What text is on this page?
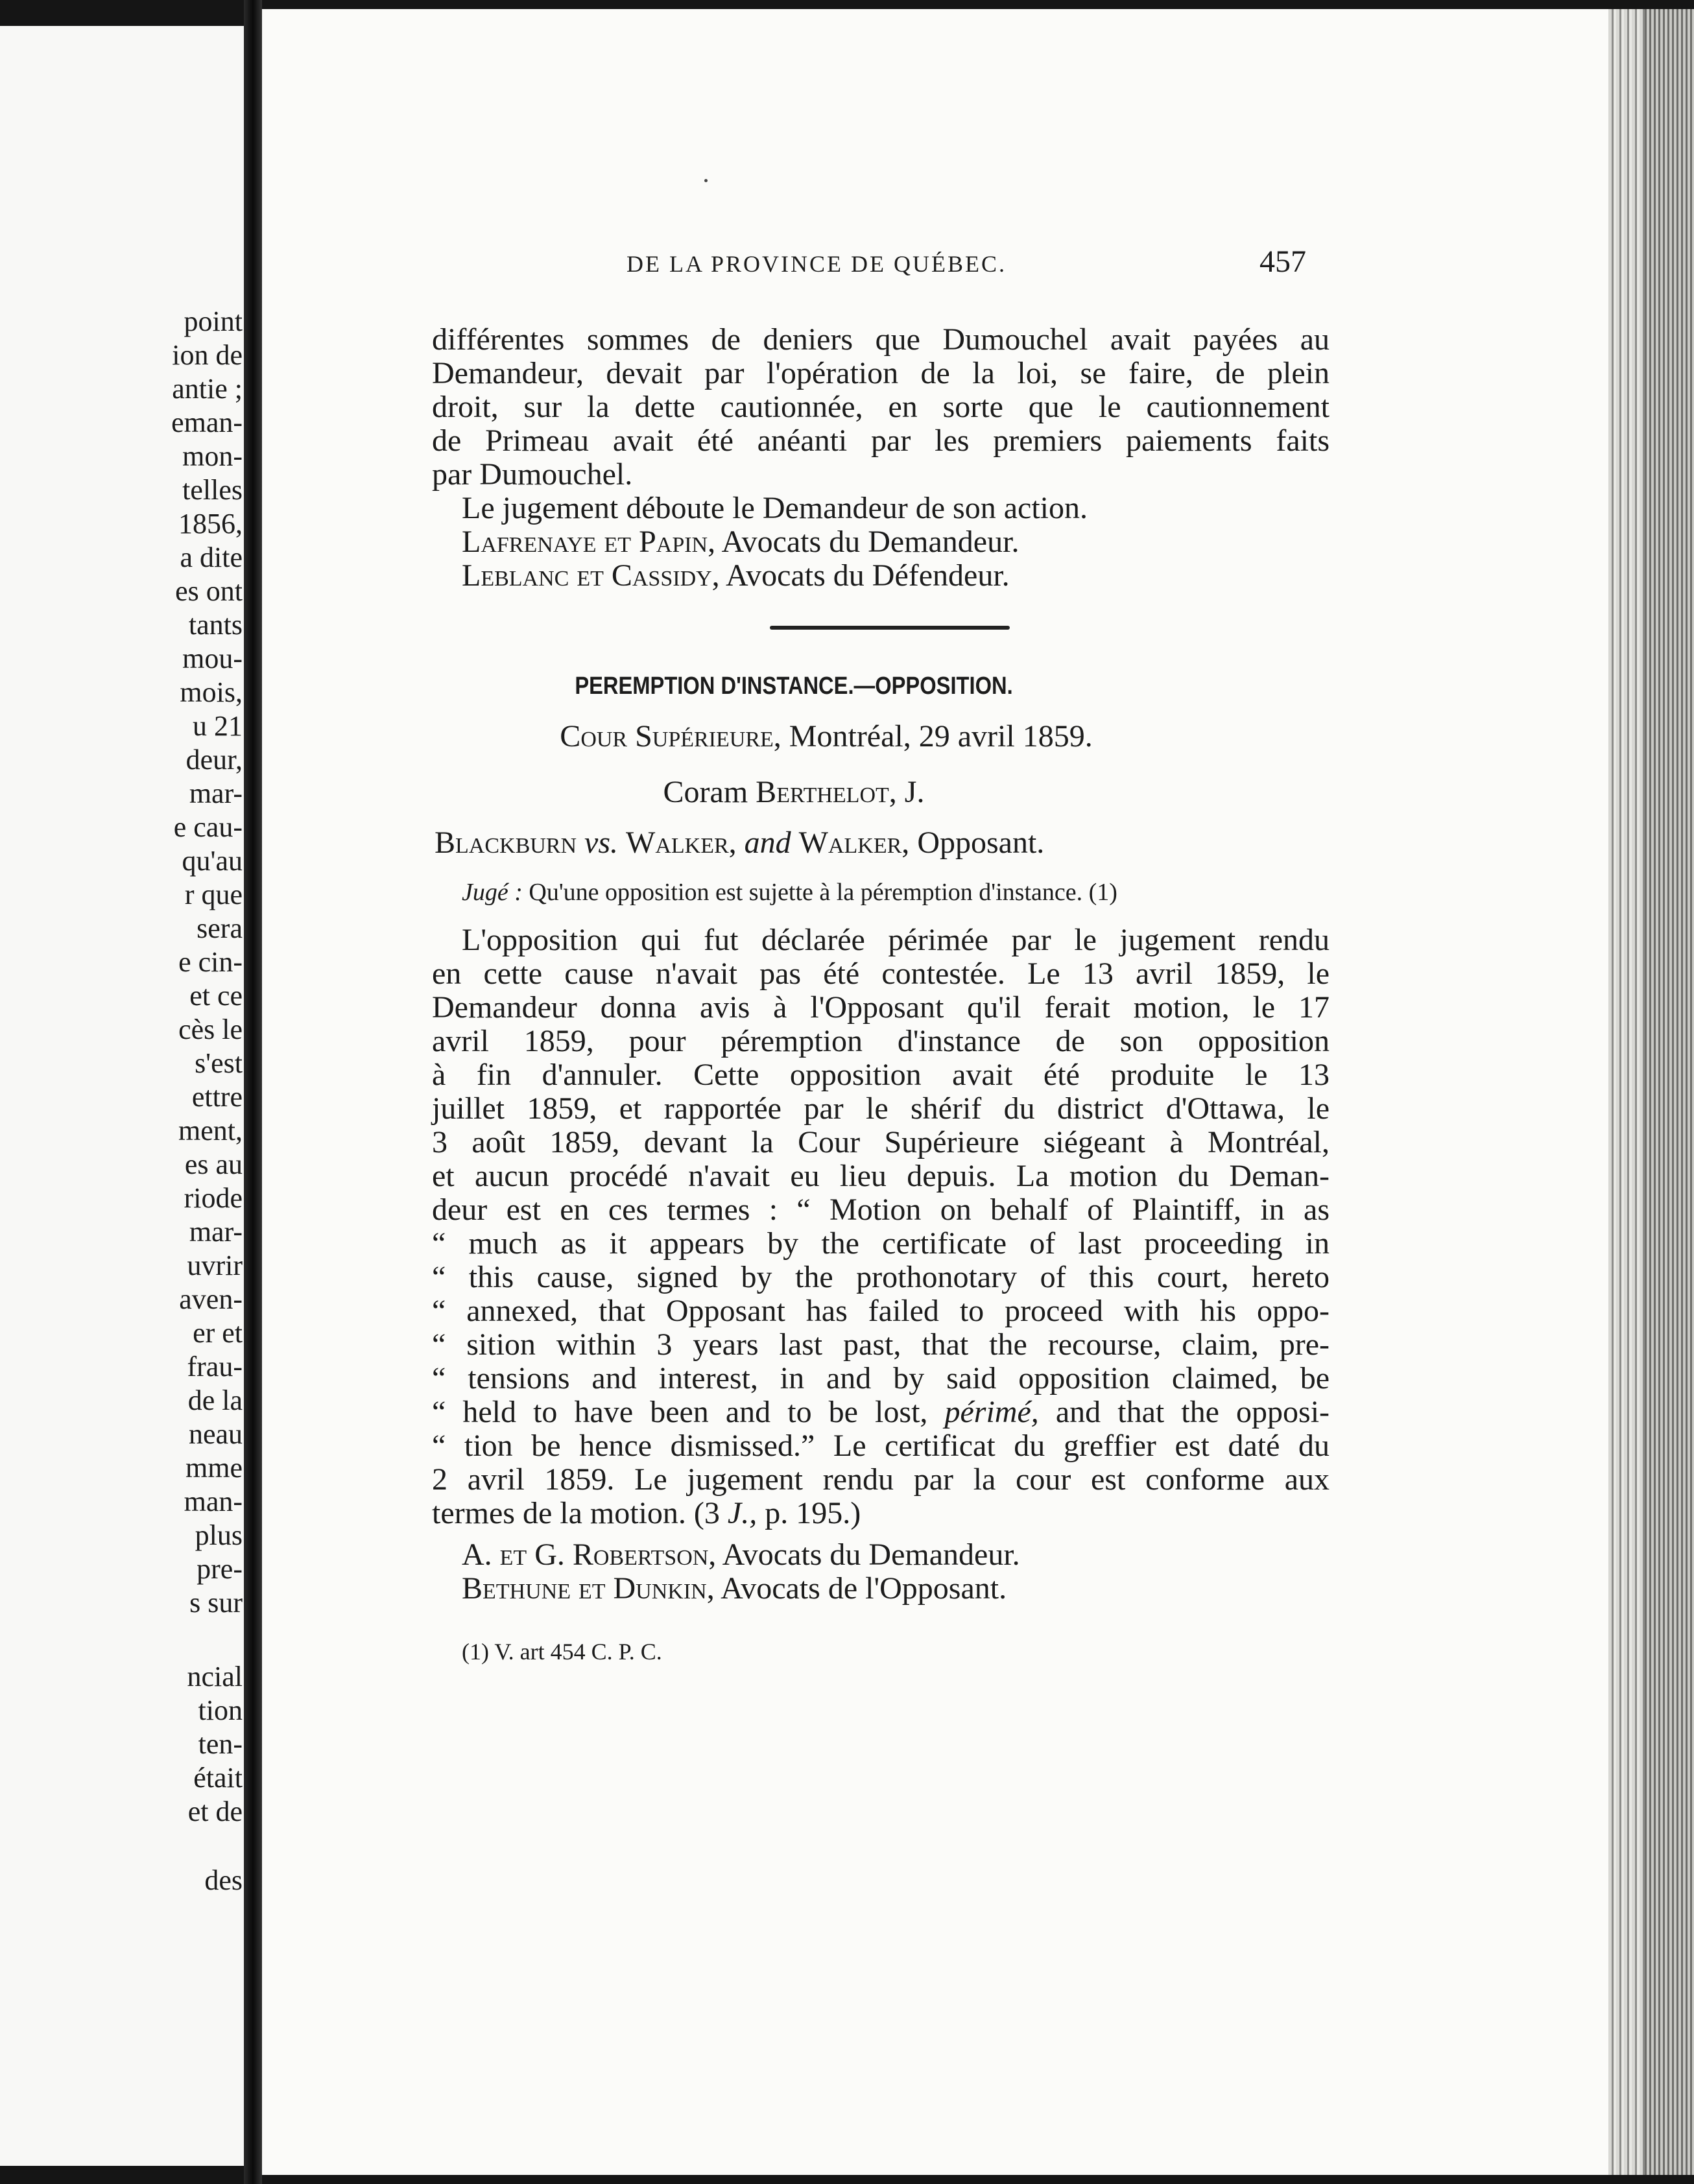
point
ion de
antie ;
eman-
mon-
telles
1856,
a dite
es ont
tants
mou-
mois,
u 21
deur,
mar-
e cau-
qu'au
r que
sera
e cin-
et ce
cès le
s'est
ettre
ment,
es au
riode
mar-
uvrir
aven-
er et
frau-
de la
neau
mme
man-
plus
pre-
s sur
ncial
tion
ten-
était
et de
des
DE LA PROVINCE DE QUÉBEC.	457
différentes sommes de deniers que Dumouchel avait payées au
Demandeur, devait par l'opération de la loi, se faire, de plein
droit, sur la dette cautionnée, en sorte que le cautionnement
de Primeau avait été anéanti par les premiers paiements faits
par Dumouchel.
Le jugement déboute le Demandeur de son action.
Lafrenaye et Papin, Avocats du Demandeur.
Leblanc et Cassidy, Avocats du Défendeur.
PEREMPTION D'INSTANCE.—OPPOSITION.
Cour Supérieure, Montréal, 29 avril 1859.
Coram Berthelot, J.
Blackburn vs. Walker, and Walker, Opposant.
Jugé : Qu'une opposition est sujette à la péremption d'instance. (1)
L'opposition qui fut déclarée périmée par le jugement rendu
en cette cause n'avait pas été contestée. Le 13 avril 1859, le
Demandeur donna avis à l'Opposant qu'il ferait motion, le 17
avril 1859, pour péremption d'instance de son opposition
à fin d'annuler. Cette opposition avait été produite le 13
juillet 1859, et rapportée par le shérif du district d'Ottawa, le
3 août 1859, devant la Cour Supérieure siégeant à Montréal,
et aucun procédé n'avait eu lieu depuis. La motion du Deman-
deur est en ces termes : “ Motion on behalf of Plaintiff, in as
“ much as it appears by the certificate of last proceeding in
“ this cause, signed by the prothonotary of this court, hereto
“ annexed, that Opposant has failed to proceed with his oppo-
“ sition within 3 years last past, that the recourse, claim, pre-
“ tensions and interest, in and by said opposition claimed, be
“ held to have been and to be lost, périmé, and that the opposi-
“ tion be hence dismissed.” Le certificat du greffier est daté du
2 avril 1859. Le jugement rendu par la cour est conforme aux
termes de la motion. (3 J., p. 195.)
A. et G. Robertson, Avocats du Demandeur.
Bethune et Dunkin, Avocats de l'Opposant.
(1) V. art 454 C. P. C.
